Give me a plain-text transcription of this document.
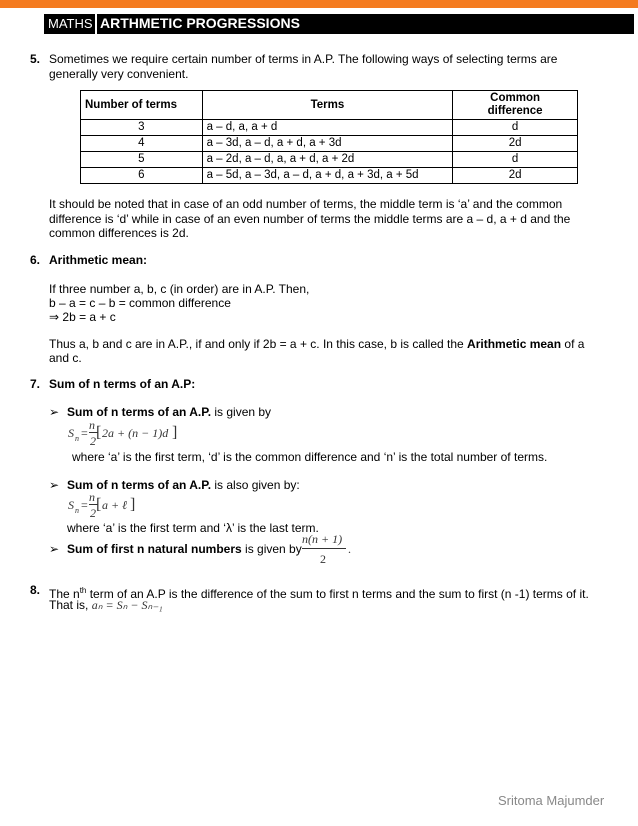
MATHS ARTHMETIC PROGRESSIONS
5. Sometimes we require certain number of terms in A.P. The following ways of selecting terms are
generally very convenient.
Number of terms	Terms	Common
difference
3	a – d, a, a + d	d
4	a – 3d, a – d, a + d, a + 3d	2d
5	a – 2d, a – d, a, a + d, a + 2d	d
6	a – 5d, a – 3d, a – d, a + d, a + 3d, a + 5d	2d
It should be noted that in case of an odd number of terms, the middle term is ‘a’ and the common
difference is ‘d’ while in case of an even number of terms the middle terms are a – d, a + d and the
common differences is 2d.
6. Arithmetic mean:
If three number a, b, c (in order) are in A.P. Then,
b – a = c – b = common difference
⇒ 2b = a + c
Thus a, b and c are in A.P., if and only if 2b = a + c. In this case, b is called the Arithmetic mean of a
and c.
7. Sum of n terms of an A.P:
➢ Sum of n terms of an A.P. is given by
S n =
n
2 [ 2a + (n − 1)d ]
where ‘a’ is the first term, ‘d’ is the common difference and ‘n’ is the total number of terms.
➢ Sum of n terms of an A.P. is also given by:
S n =
n
2 [ a + ℓ ]
where ‘a’ is the first term and ‘λ’ is the last term.
➢ Sum of first n natural numbers is given by
n(n + 1)
2
.
8. The $n^{th}$ term of an A.P is the difference of the sum to first n terms and the sum to first (n -1) terms of it.
That is, aₙ = Sₙ − Sₙ₋₁
Sritoma Majumder
